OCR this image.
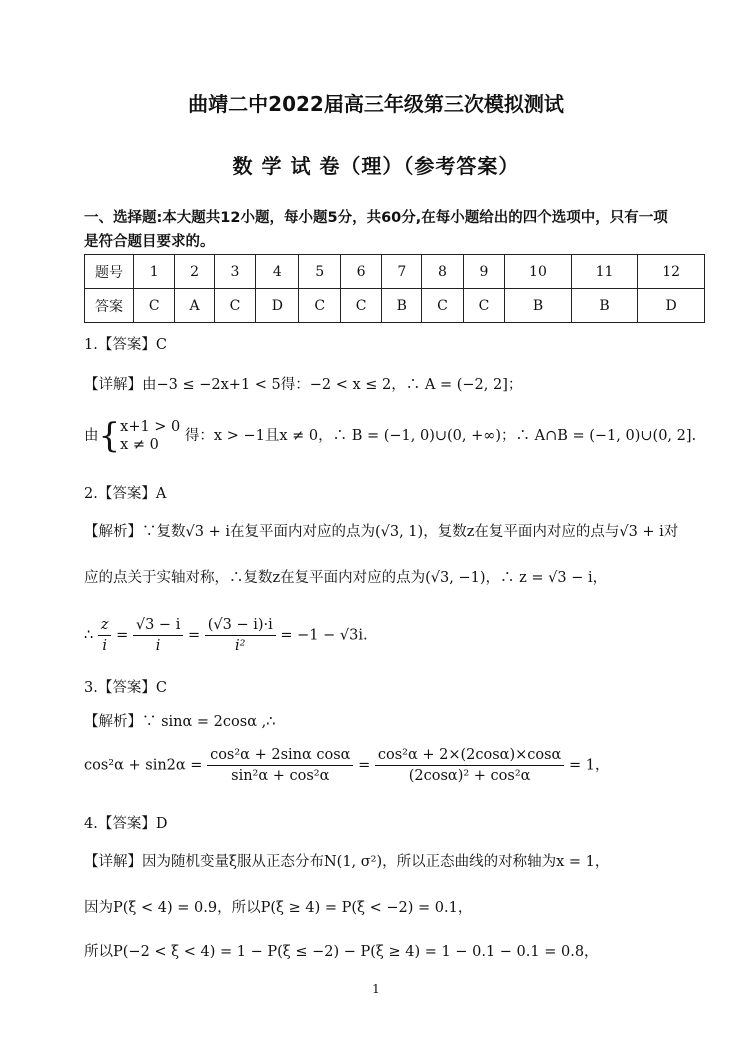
曲靖二中2022届高三年级第三次模拟测试
数 学 试 卷（理）（参考答案）
一、选择题:本大题共12小题，每小题5分，共60分,在每小题给出的四个选项中，只有一项
是符合题目要求的。
题号	1	2	3	4	5	6	7	8	9	10	11	12
答案	C	A	C	D	C	C	B	C	C	B	B	D
1.【答案】C
【详解】由−3 ≤ −2x+1 < 5得：−2 < x ≤ 2，∴ A = (−2, 2]；
由{ x+1 > 0
x ≠ 0
得：x > −1且x ≠ 0，∴ B = (−1, 0)∪(0, +∞)；∴ A∩B = (−1, 0)∪(0, 2].
2.【答案】A
【解析】∵复数√3 + i在复平面内对应的点为(√3, 1)，复数z在复平面内对应的点与√3 + i对
应的点关于实轴对称，∴复数z在复平面内对应的点为(√3, −1)，∴ z = √3 − i，
∴ $\frac{z}{i} = \frac{√3 - i}{i} = \frac{(√3 - i)\cdot i}{\text{i²}} = -1 - √3i$.
3.【答案】C
【解析】∵ sinα = 2cosα ,∴
$\cos^2\alpha + \sin 2\alpha = \frac{\text{cos²α + 2sinα cosα}}{\text{sin²α + cos²α}} = \frac{\text{cos²α + 2×(2cosα)×cosα}}{\text{(2cosα)² + cos²α}} = 1$，
4.【答案】D
【详解】因为随机变量ξ服从正态分布N(1, σ²)，所以正态曲线的对称轴为x = 1，
因为P(ξ < 4) = 0.9，所以P(ξ ≥ 4) = P(ξ < −2) = 0.1，
所以P(−2 < ξ < 4) = 1 − P(ξ ≤ −2) − P(ξ ≥ 4) = 1 − 0.1 − 0.1 = 0.8，
1
